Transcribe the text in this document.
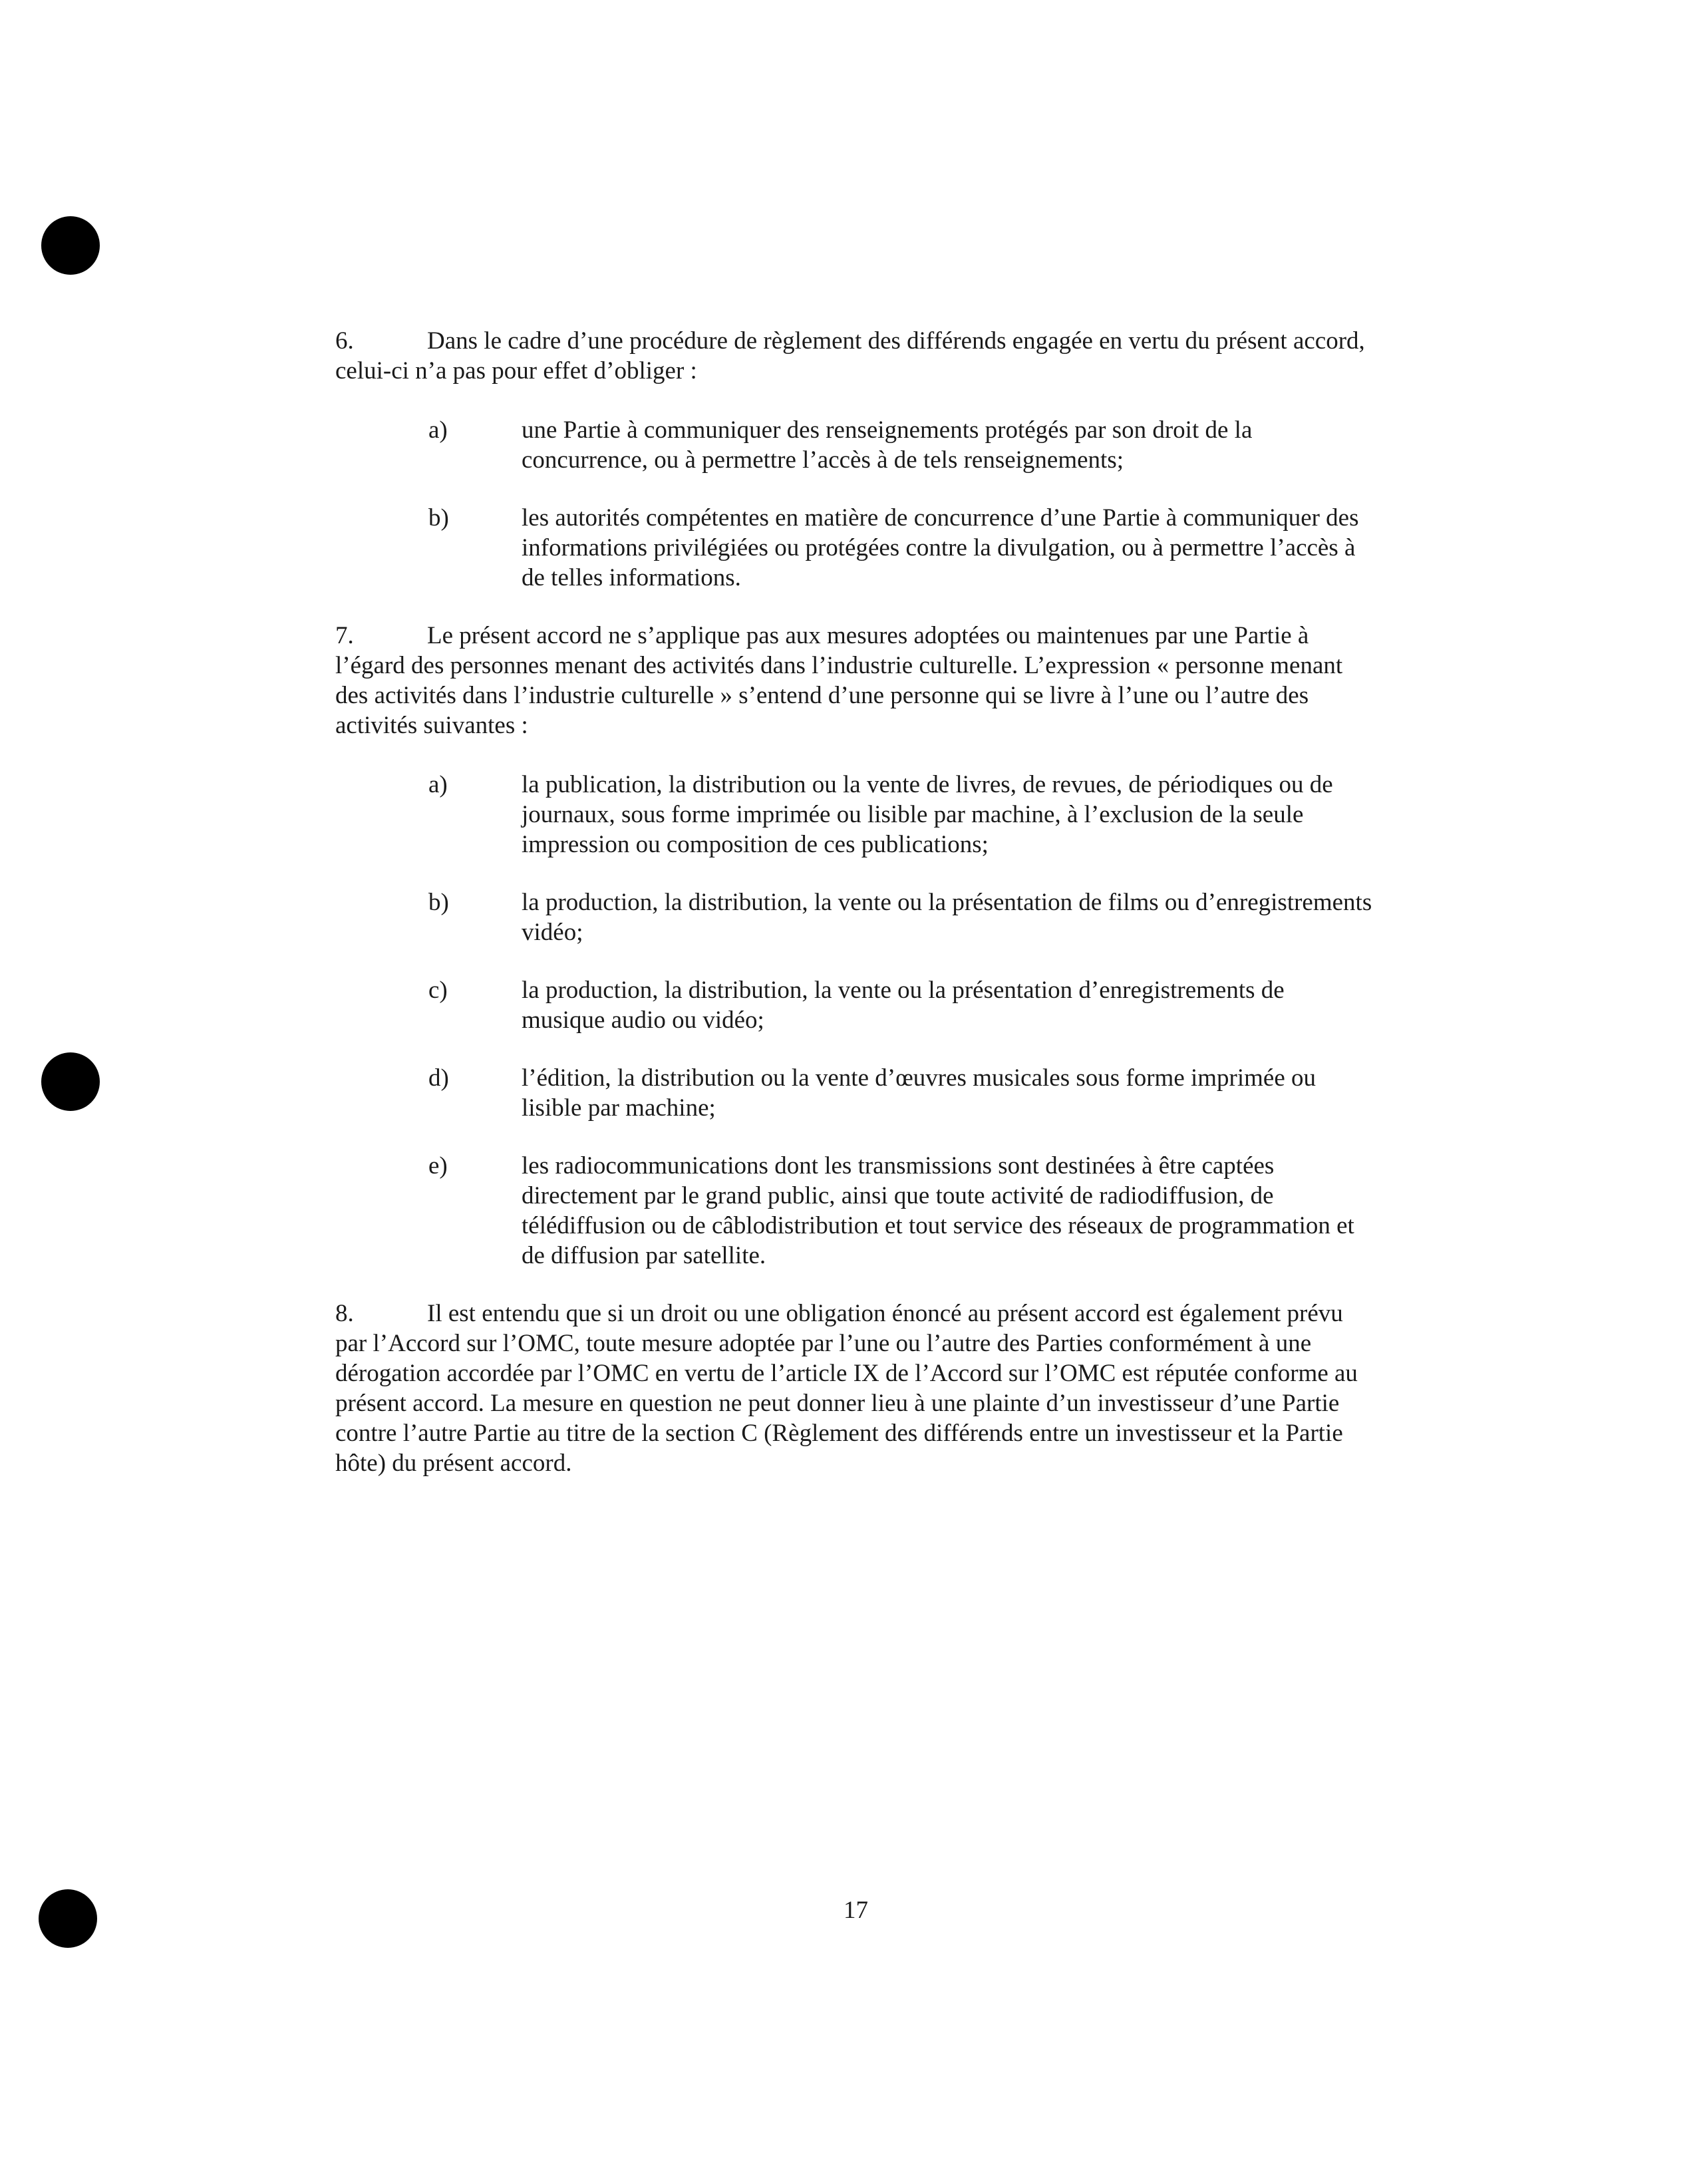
6.	Dans le cadre d’une procédure de règlement des différends engagée en vertu du présent accord, celui-ci n’a pas pour effet d’obliger :

a)	une Partie à communiquer des renseignements protégés par son droit de la concurrence, ou à permettre l’accès à de tels renseignements;
b)	les autorités compétentes en matière de concurrence d’une Partie à communiquer des informations privilégiées ou protégées contre la divulgation, ou à permettre l’accès à de telles informations.

7.	Le présent accord ne s’applique pas aux mesures adoptées ou maintenues par une Partie à l’égard des personnes menant des activités dans l’industrie culturelle. L’expression « personne menant des activités dans l’industrie culturelle » s’entend d’une personne qui se livre à l’une ou l’autre des activités suivantes :

a)	la publication, la distribution ou la vente de livres, de revues, de périodiques ou de journaux, sous forme imprimée ou lisible par machine, à l’exclusion de la seule impression ou composition de ces publications;
b)	la production, la distribution, la vente ou la présentation de films ou d’enregistrements vidéo;
c)	la production, la distribution, la vente ou la présentation d’enregistrements de musique audio ou vidéo;
d)	l’édition, la distribution ou la vente d’œuvres musicales sous forme imprimée ou lisible par machine;
e)	les radiocommunications dont les transmissions sont destinées à être captées directement par le grand public, ainsi que toute activité de radiodiffusion, de télédiffusion ou de câblodistribution et tout service des réseaux de programmation et de diffusion par satellite.

8.	Il est entendu que si un droit ou une obligation énoncé au présent accord est également prévu par l’Accord sur l’OMC, toute mesure adoptée par l’une ou l’autre des Parties conformément à une dérogation accordée par l’OMC en vertu de l’article IX de l’Accord sur l’OMC est réputée conforme au présent accord. La mesure en question ne peut donner lieu à une plainte d’un investisseur d’une Partie contre l’autre Partie au titre de la section C (Règlement des différends entre un investisseur et la Partie hôte) du présent accord.

17
